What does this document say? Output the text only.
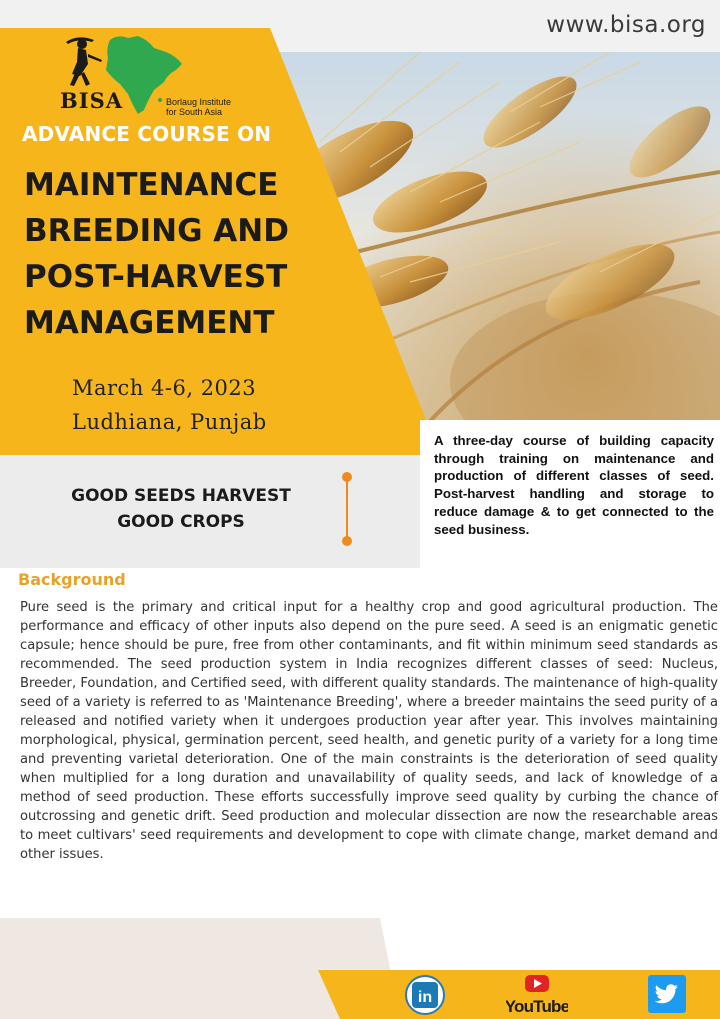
www.bisa.org
BISA	Borlaug Institute
for South Asia
ADVANCE COURSE ON
MAINTENANCE
BREEDING AND
POST-HARVEST
MANAGEMENT
March 4-6, 2023
Ludhiana, Punjab
GOOD SEEDS HARVEST
GOOD CROPS
A three-day course of building capacity through training on maintenance and production of different classes of seed. Post-harvest handling and storage to reduce damage & to get connected to the seed business.
Background
Pure seed is the primary and critical input for a healthy crop and good agricultural production. The performance and efficacy of other inputs also depend on the pure seed. A seed is an enigmatic genetic capsule; hence should be pure, free from other contaminants, and fit within minimum seed standards as recommended. The seed production system in India recognizes different classes of seed: Nucleus, Breeder, Foundation, and Certified seed, with different quality standards. The maintenance of high-quality seed of a variety is referred to as 'Maintenance Breeding', where a breeder maintains the seed purity of a released and notified variety when it undergoes production year after year. This involves maintaining morphological, physical, germination percent, seed health, and genetic purity of a variety for a long time and preventing varietal deterioration. One of the main constraints is the deterioration of seed quality when multiplied for a long duration and unavailability of quality seeds, and lack of knowledge of a method of seed production. These efforts successfully improve seed quality by curbing the chance of outcrossing and genetic drift. Seed production and molecular dissection are now the researchable areas to meet cultivars' seed requirements and development to cope with climate change, market demand and other issues.
in	YouTube
